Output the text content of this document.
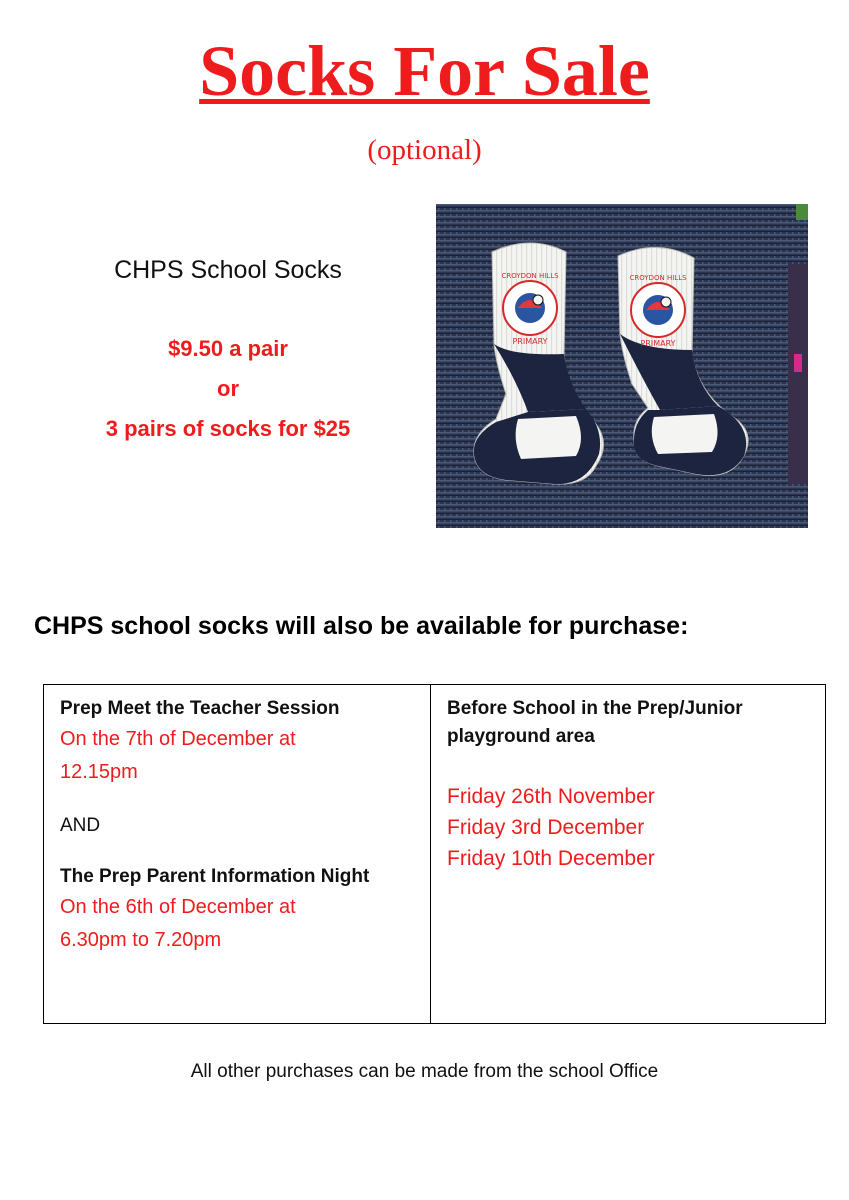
Socks For Sale
(optional)
CHPS School Socks
$9.50 a pair
or
3 pairs of socks for $25
CROYDON HILLS
PRIMARY
CROYDON HILLS
PRIMARY
CHPS school socks will also be available for purchase:
Prep Meet the Teacher Session
On the 7th of December at
12.15pm
AND
The Prep Parent Information Night
On the 6th of December at
6.30pm to 7.20pm
Before School in the Prep/Junior playground area
Friday 26th November
Friday 3rd December
Friday 10th December
All other purchases can be made from the school Office
